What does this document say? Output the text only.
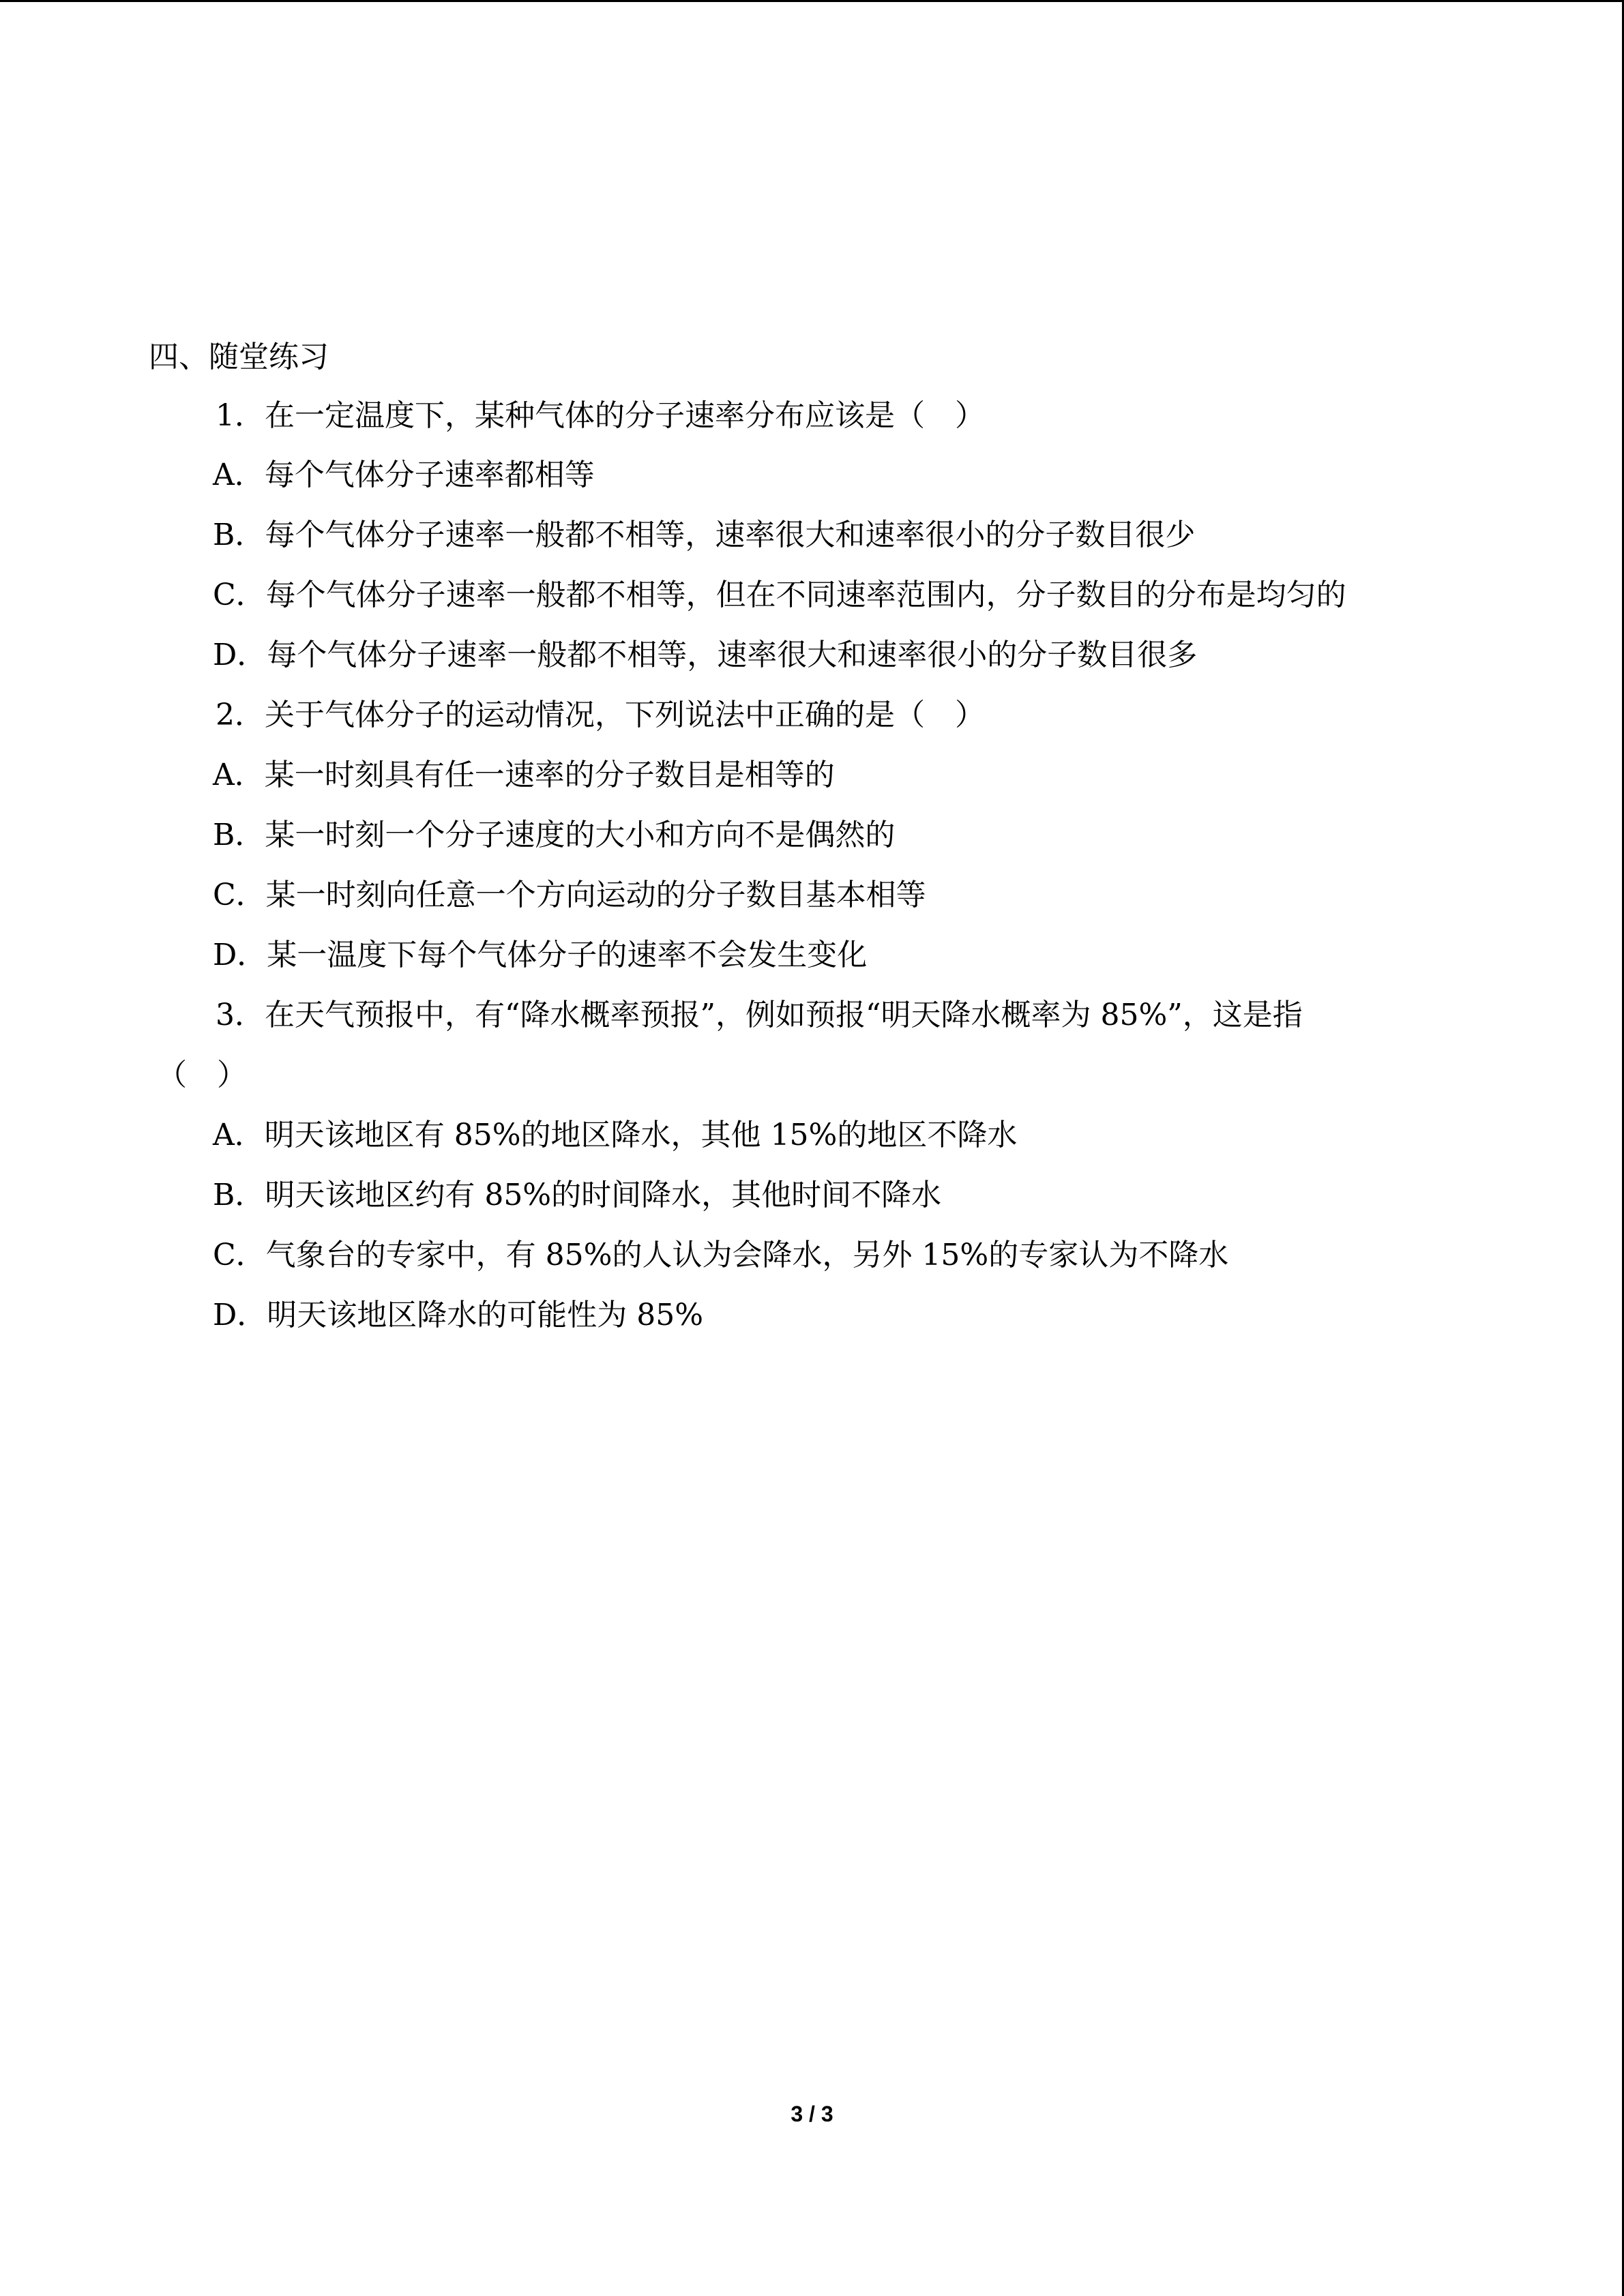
四、随堂练习
1．在一定温度下，某种气体的分子速率分布应该是（　）
A．每个气体分子速率都相等
B．每个气体分子速率一般都不相等，速率很大和速率很小的分子数目很少
C．每个气体分子速率一般都不相等，但在不同速率范围内，分子数目的分布是均匀的
D．每个气体分子速率一般都不相等，速率很大和速率很小的分子数目很多
2．关于气体分子的运动情况，下列说法中正确的是（　）
A．某一时刻具有任一速率的分子数目是相等的
B．某一时刻一个分子速度的大小和方向不是偶然的
C．某一时刻向任意一个方向运动的分子数目基本相等
D．某一温度下每个气体分子的速率不会发生变化
3．在天气预报中，有“降水概率预报”，例如预报“明天降水概率为 85%”，这是指
（　）
A．明天该地区有 85%的地区降水，其他 15%的地区不降水
B．明天该地区约有 85%的时间降水，其他时间不降水
C．气象台的专家中，有 85%的人认为会降水，另外 15%的专家认为不降水
D．明天该地区降水的可能性为 85%
3 / 3
